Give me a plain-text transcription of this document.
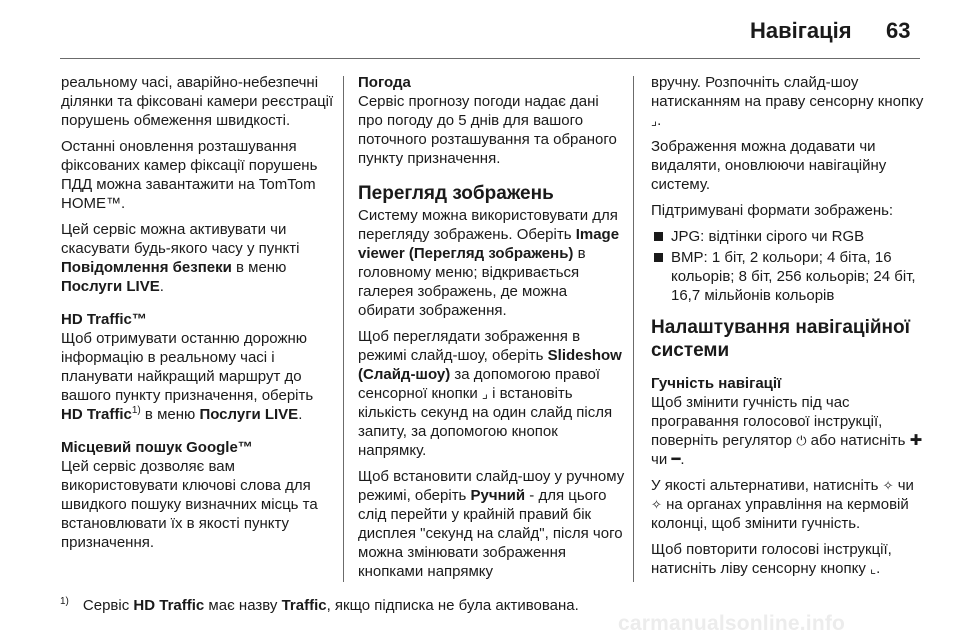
Навігація 63

реальному часі, аварійно-небезпечні ділянки та фіксовані камери реєстрації порушень обмеження швидкості.

Останні оновлення розташування фіксованих камер фіксації порушень ПДД можна завантажити на TomTom HOME™.

Цей сервіс можна активувати чи скасувати будь-якого часу у пункті Повідомлення безпеки в меню Послуги LIVE.

HD Traffic™

Щоб отримувати останню дорожню інформацію в реальному часі і планувати найкращий маршрут до вашого пункту призначення, оберіть HD Traffic$^{1)}$ в меню Послуги LIVE.

Місцевий пошук Google™

Цей сервіс дозволяє вам використовувати ключові слова для швидкого пошуку визначних місць та встановлювати їх в якості пункту призначення.

Погода

Сервіс прогнозу погоди надає дані про погоду до 5 днів для вашого поточного розташування та обраного пункту призначення.

Перегляд зображень

Систему можна використовувати для перегляду зображень. Оберіть Image viewer (Перегляд зображень) в головному меню; відкривається галерея зображень, де можна обирати зображення.

Щоб переглядати зображення в режимі слайд-шоу, оберіть Slideshow (Слайд-шоу) за допомогою правої сенсорної кнопки ⌟ і встановіть кількість секунд на один слайд після запиту, за допомогою кнопок напрямку.

Щоб встановити слайд-шоу у ручному режимі, оберіть Ручний - для цього слід перейти у крайній правий бік дисплея "секунд на слайд", після чого можна змінювати зображення кнопками напрямку

вручну. Розпочніть слайд-шоу натисканням на праву сенсорну кнопку ⌟.

Зображення можна додавати чи видаляти, оновлюючи навігаційну систему.

Підтримувані формати зображень:

JPG: відтінки сірого чи RGB
BMP: 1 біт, 2 кольори; 4 біта, 16 кольорів; 8 біт, 256 кольорів; 24 біт, 16,7 мільйонів кольорів
Налаштування навігаційної системи
Гучність навігації

Щоб змінити гучність під час програвання голосової інструкції, поверніть регулятор ⏻ або натисніть ✚ чи ━.

У якості альтернативи, натисніть ✧ чи ✧ на органах управління на кермовій колонці, щоб змінити гучність.

Щоб повторити голосові інструкції, натисніть ліву сенсорну кнопку ⌞.

$^{1)}$ Сервіс HD Traffic має назву Traffic, якщо підписка не була активована.
carmanualsonline.info
